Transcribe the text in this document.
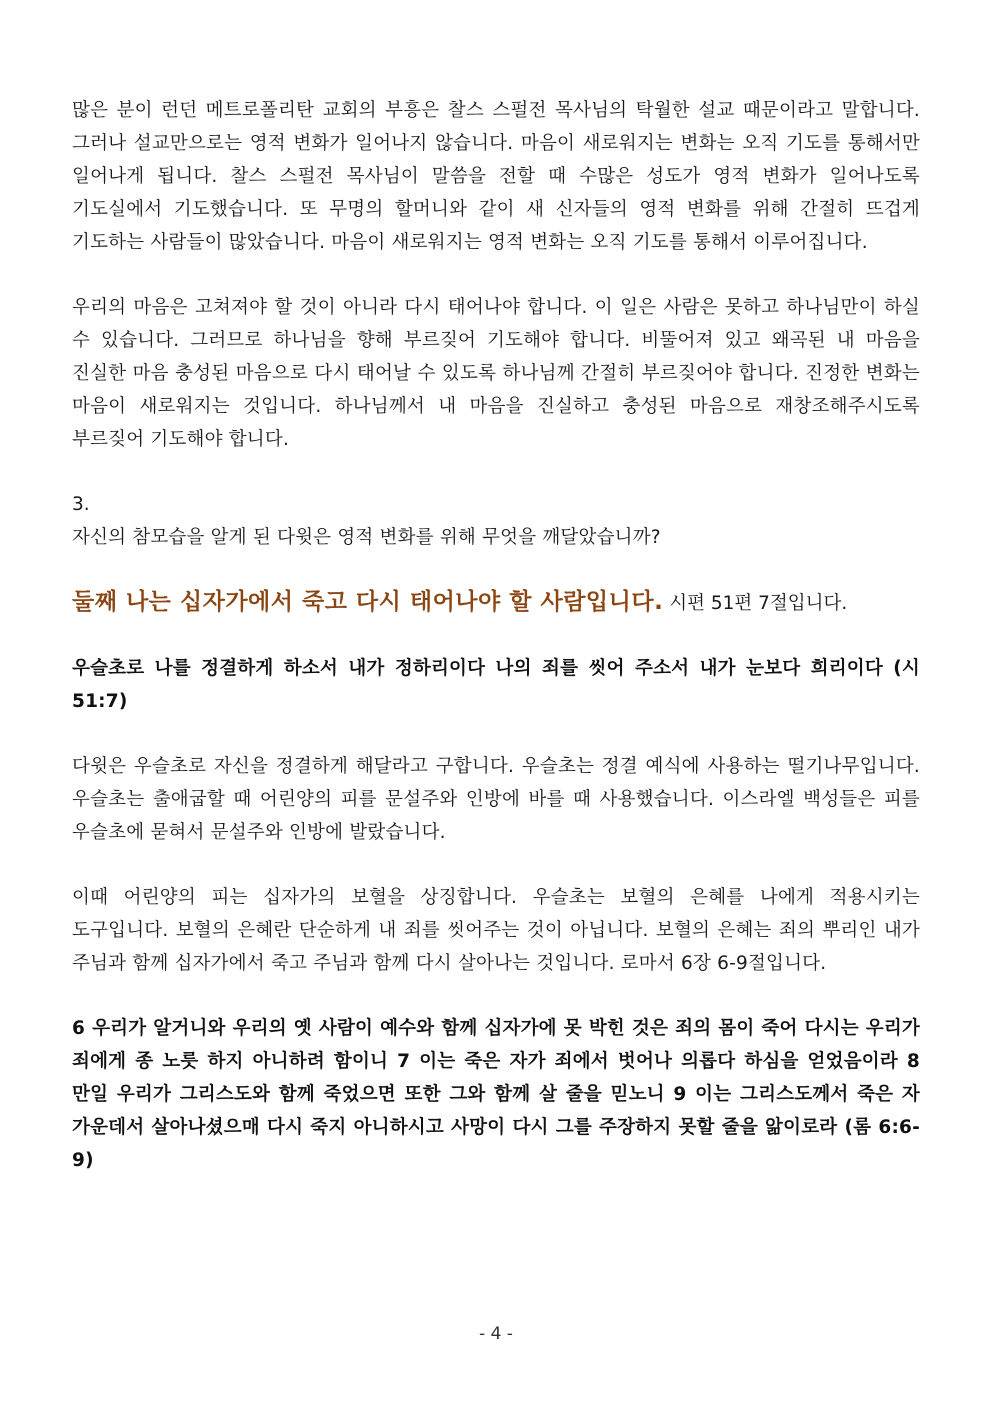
많은 분이 런던 메트로폴리탄 교회의 부흥은 찰스 스펄전 목사님의 탁월한 설교 때문이라고 말합니다. 그러나 설교만으로는 영적 변화가 일어나지 않습니다. 마음이 새로워지는 변화는 오직 기도를 통해서만 일어나게 됩니다. 찰스 스펄전 목사님이 말씀을 전할 때 수많은 성도가 영적 변화가 일어나도록 기도실에서 기도했습니다. 또 무명의 할머니와 같이 새 신자들의 영적 변화를 위해 간절히 뜨겁게 기도하는 사람들이 많았습니다. 마음이 새로워지는 영적 변화는 오직 기도를 통해서 이루어집니다.

우리의 마음은 고쳐져야 할 것이 아니라 다시 태어나야 합니다. 이 일은 사람은 못하고 하나님만이 하실 수 있습니다. 그러므로 하나님을 향해 부르짖어 기도해야 합니다. 비뚤어져 있고 왜곡된 내 마음을 진실한 마음 충성된 마음으로 다시 태어날 수 있도록 하나님께 간절히 부르짖어야 합니다. 진정한 변화는 마음이 새로워지는 것입니다. 하나님께서 내 마음을 진실하고 충성된 마음으로 재창조해주시도록 부르짖어 기도해야 합니다.

3.

자신의 참모습을 알게 된 다윗은 영적 변화를 위해 무엇을 깨달았습니까?

둘째 나는 십자가에서 죽고 다시 태어나야 할 사람입니다. 시편 51편 7절입니다.

우슬초로 나를 정결하게 하소서 내가 정하리이다 나의 죄를 씻어 주소서 내가 눈보다 희리이다 (시 51:7)

다윗은 우슬초로 자신을 정결하게 해달라고 구합니다. 우슬초는 정결 예식에 사용하는 떨기나무입니다. 우슬초는 출애굽할 때 어린양의 피를 문설주와 인방에 바를 때 사용했습니다. 이스라엘 백성들은 피를 우슬초에 묻혀서 문설주와 인방에 발랐습니다.

이때 어린양의 피는 십자가의 보혈을 상징합니다. 우슬초는 보혈의 은혜를 나에게 적용시키는 도구입니다. 보혈의 은혜란 단순하게 내 죄를 씻어주는 것이 아닙니다. 보혈의 은혜는 죄의 뿌리인 내가 주님과 함께 십자가에서 죽고 주님과 함께 다시 살아나는 것입니다. 로마서 6장 6-9절입니다.

6 우리가 알거니와 우리의 옛 사람이 예수와 함께 십자가에 못 박힌 것은 죄의 몸이 죽어 다시는 우리가 죄에게 종 노릇 하지 아니하려 함이니 7 이는 죽은 자가 죄에서 벗어나 의롭다 하심을 얻었음이라 8 만일 우리가 그리스도와 함께 죽었으면 또한 그와 함께 살 줄을 믿노니 9 이는 그리스도께서 죽은 자 가운데서 살아나셨으매 다시 죽지 아니하시고 사망이 다시 그를 주장하지 못할 줄을 앎이로라 (롬 6:6-9)

- 4 -
